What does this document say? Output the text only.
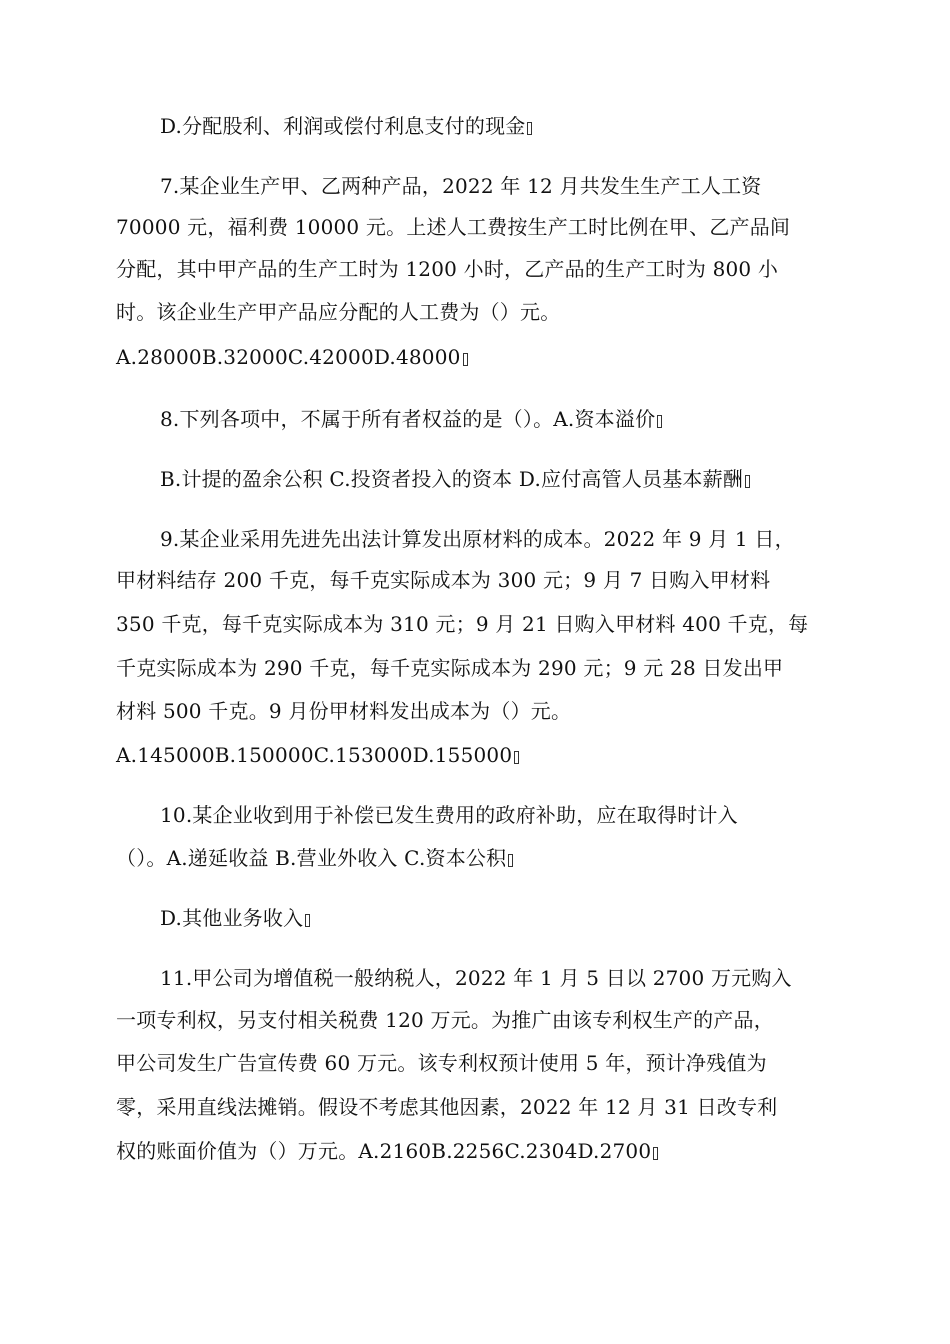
D.分配股利、利润或偿付利息支付的现金
7.某企业生产甲、乙两种产品，2022 年 12 月共发生生产工人工资
70000 元，福利费 10000 元。上述人工费按生产工时比例在甲、乙产品间
分配，其中甲产品的生产工时为 1200 小时，乙产品的生产工时为 800 小
时。该企业生产甲产品应分配的人工费为（）元。
A.28000B.32000C.42000D.48000
8.下列各项中，不属于所有者权益的是（）。A.资本溢价
B.计提的盈余公积 C.投资者投入的资本 D.应付高管人员基本薪酬
9.某企业采用先进先出法计算发出原材料的成本。2022 年 9 月 1 日，
甲材料结存 200 千克，每千克实际成本为 300 元；9 月 7 日购入甲材料
350 千克，每千克实际成本为 310 元；9 月 21 日购入甲材料 400 千克，每
千克实际成本为 290 千克，每千克实际成本为 290 元；9 元 28 日发出甲
材料 500 千克。9 月份甲材料发出成本为（）元。
A.145000B.150000C.153000D.155000
10.某企业收到用于补偿已发生费用的政府补助，应在取得时计入
（）。A.递延收益 B.营业外收入 C.资本公积
D.其他业务收入
11.甲公司为增值税一般纳税人，2022 年 1 月 5 日以 2700 万元购入
一项专利权，另支付相关税费 120 万元。为推广由该专利权生产的产品，
甲公司发生广告宣传费 60 万元。该专利权预计使用 5 年，预计净残值为
零，采用直线法摊销。假设不考虑其他因素，2022 年 12 月 31 日改专利
权的账面价值为（）万元。A.2160B.2256C.2304D.2700
